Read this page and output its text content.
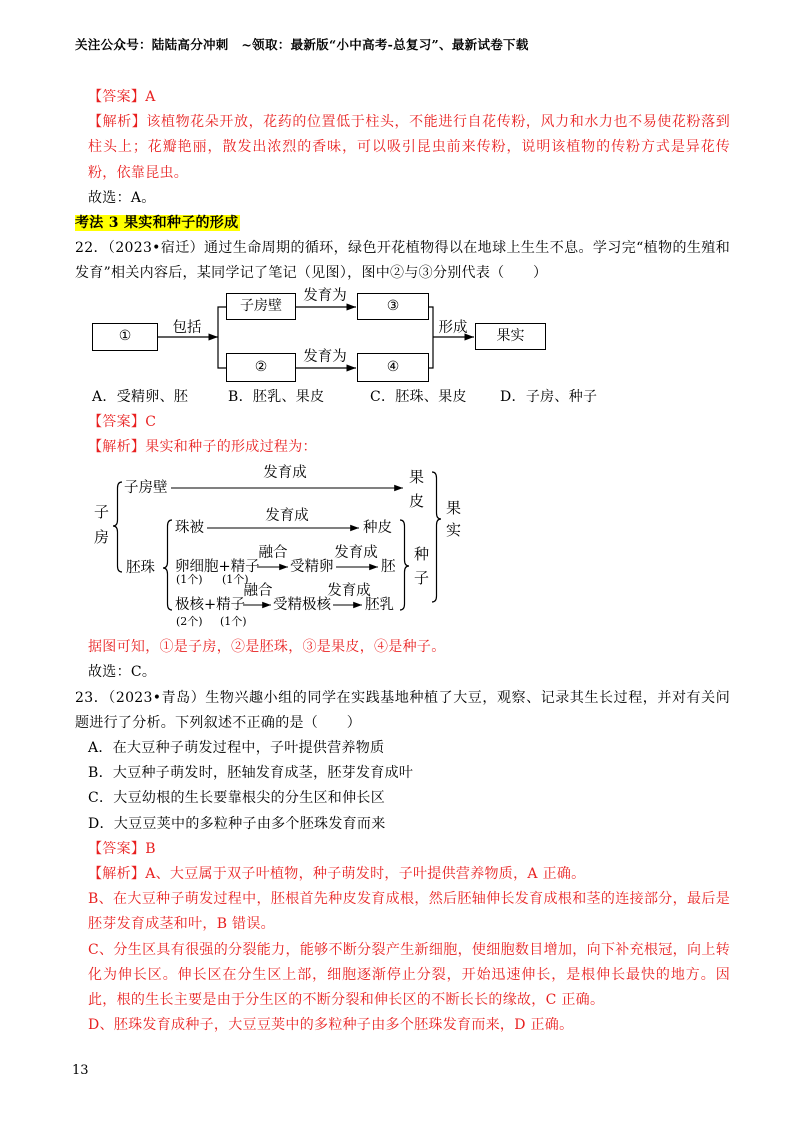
关注公众号：陆陆高分冲刺　~领取：最新版“小中高考-总复习”、最新试卷下载

【答案】A

【解析】该植物花朵开放，花药的位置低于柱头，不能进行自花传粉，风力和水力也不易使花粉落到柱头上；花瓣艳丽，散发出浓烈的香味，可以吸引昆虫前来传粉，说明该植物的传粉方式是异花传粉，依靠昆虫。

故选：A。

考法 3 果实和种子的形成

22．（2023•宿迁）通过生命周期的循环，绿色开花植物得以在地球上生生不息。学习完“植物的生殖和发育”相关内容后，某同学记了笔记（见图），图中②与③分别代表（　　）

①
包括
子房壁
发育为
③
②
发育为
④
形成	果实
A．受精卵、胚	B．胚乳、果皮	C．胚珠、果皮 D．子房、种子

【答案】C

【解析】果实和种子的形成过程为：

子房
子房壁
发育成	果皮
果实
胚珠
珠被
发育成
种皮
卵细胞+精子
(1个) (1个)
融合
受精卵
发育成
胚
极核+精子
(2个) (1个)
融合
受精极核
发育成
胚乳
种子

据图可知，①是子房，②是胚珠，③是果皮，④是种子。

故选：C。

23．（2023•青岛）生物兴趣小组的同学在实践基地种植了大豆，观察、记录其生长过程，并对有关问题进行了分析。下列叙述不正确的是（　　）

A．在大豆种子萌发过程中，子叶提供营养物质

B．大豆种子萌发时，胚轴发育成茎，胚芽发育成叶

C．大豆幼根的生长要靠根尖的分生区和伸长区

D．大豆豆荚中的多粒种子由多个胚珠发育而来

【答案】B

【解析】A、大豆属于双子叶植物，种子萌发时，子叶提供营养物质，A 正确。

B、在大豆种子萌发过程中，胚根首先种皮发育成根，然后胚轴伸长发育成根和茎的连接部分，最后是胚芽发育成茎和叶，B 错误。

C、分生区具有很强的分裂能力，能够不断分裂产生新细胞，使细胞数目增加，向下补充根冠，向上转化为伸长区。伸长区在分生区上部，细胞逐渐停止分裂，开始迅速伸长，是根伸长最快的地方。因此，根的生长主要是由于分生区的不断分裂和伸长区的不断长长的缘故，C 正确。

D、胚珠发育成种子，大豆豆荚中的多粒种子由多个胚珠发育而来，D 正确。

13
